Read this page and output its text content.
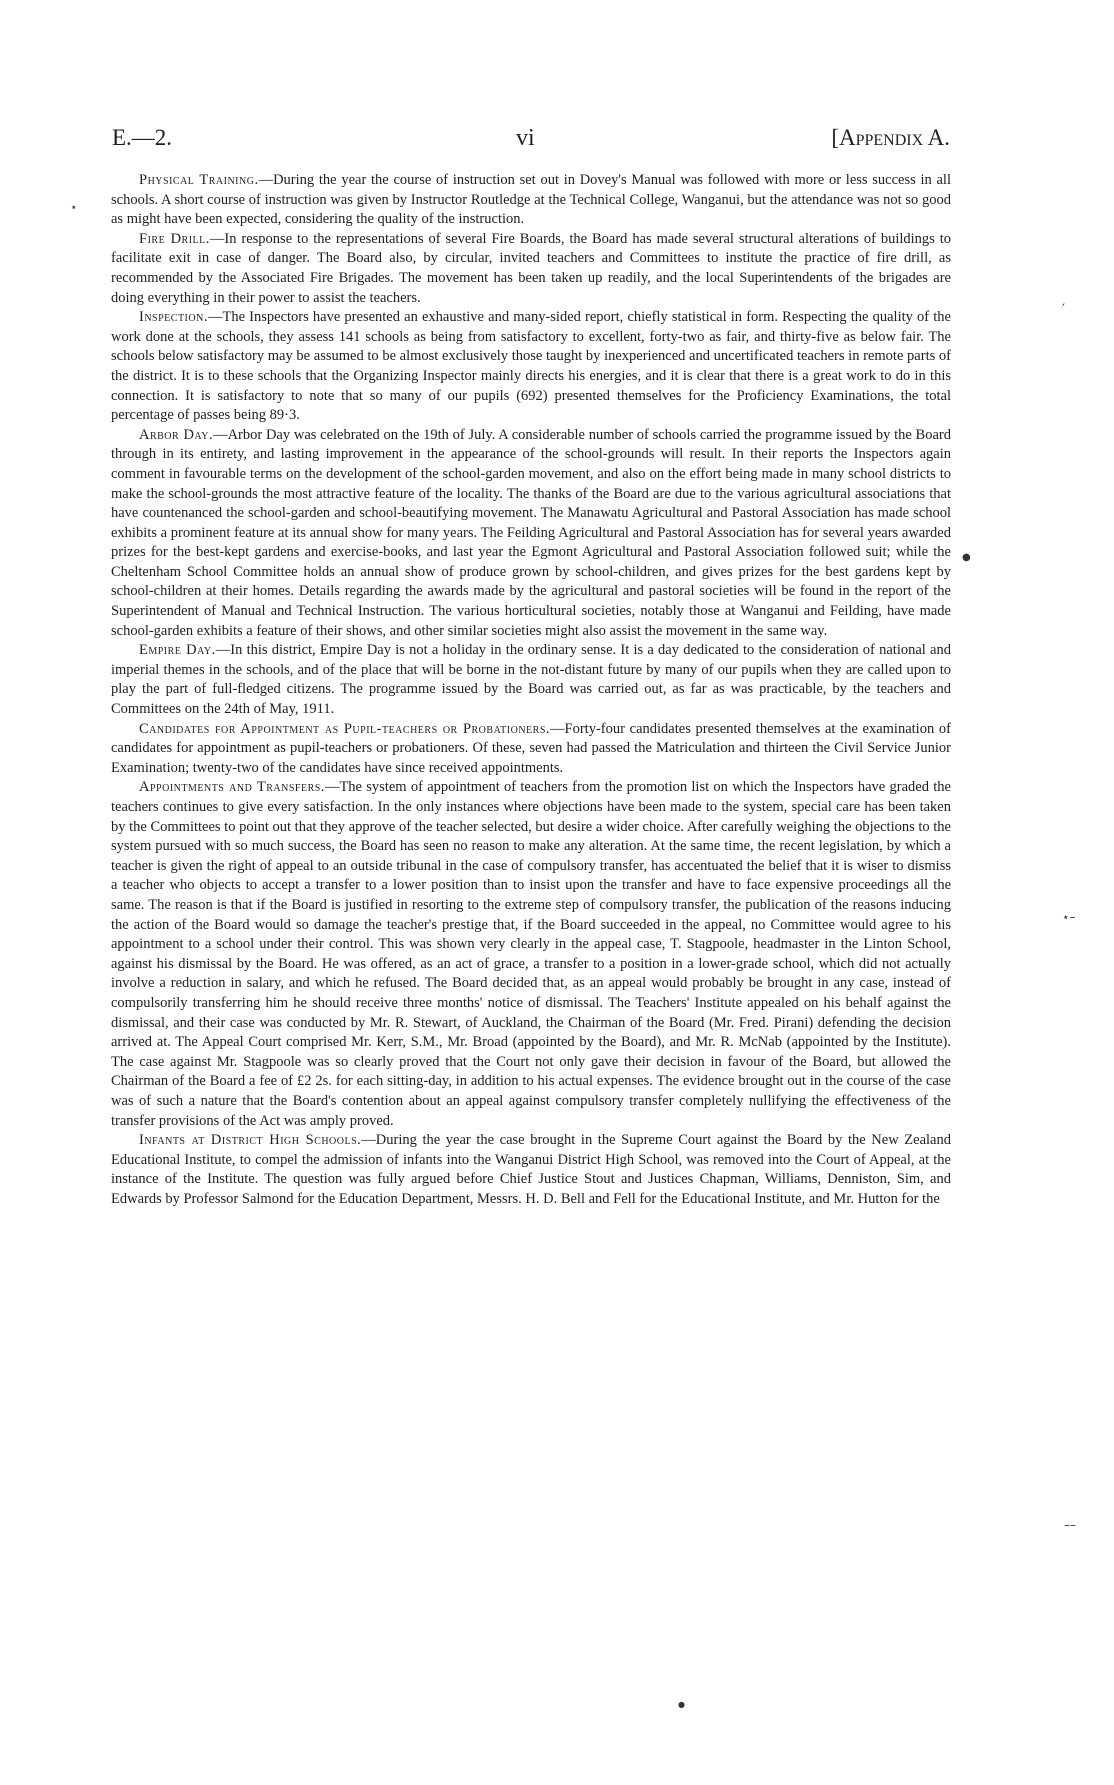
E.—2.	vi	[Appendix A.

Physical Training.—During the year the course of instruction set out in Dovey's Manual was followed with more or less success in all schools. A short course of instruction was given by Instructor Routledge at the Technical College, Wanganui, but the attendance was not so good as might have been expected, considering the quality of the instruction.

Fire Drill.—In response to the representations of several Fire Boards, the Board has made several structural alterations of buildings to facilitate exit in case of danger. The Board also, by circular, invited teachers and Committees to institute the practice of fire drill, as recommended by the Associated Fire Brigades. The movement has been taken up readily, and the local Superintendents of the brigades are doing everything in their power to assist the teachers.

Inspection.—The Inspectors have presented an exhaustive and many-sided report, chiefly statistical in form. Respecting the quality of the work done at the schools, they assess 141 schools as being from satisfactory to excellent, forty-two as fair, and thirty-five as below fair. The schools below satisfactory may be assumed to be almost exclusively those taught by inexperienced and uncertificated teachers in remote parts of the district. It is to these schools that the Organizing Inspector mainly directs his energies, and it is clear that there is a great work to do in this connection. It is satisfactory to note that so many of our pupils (692) presented themselves for the Proficiency Examinations, the total percentage of passes being 89·3.

Arbor Day.—Arbor Day was celebrated on the 19th of July. A considerable number of schools carried the programme issued by the Board through in its entirety, and lasting improvement in the appearance of the school-grounds will result. In their reports the Inspectors again comment in favourable terms on the development of the school-garden movement, and also on the effort being made in many school districts to make the school-grounds the most attractive feature of the locality. The thanks of the Board are due to the various agricultural associations that have countenanced the school-garden and school-beautifying movement. The Manawatu Agricultural and Pastoral Association has made school exhibits a prominent feature at its annual show for many years. The Feilding Agricultural and Pastoral Association has for several years awarded prizes for the best-kept gardens and exercise-books, and last year the Egmont Agricultural and Pastoral Association followed suit; while the Cheltenham School Committee holds an annual show of produce grown by school-children, and gives prizes for the best gardens kept by school-children at their homes. Details regarding the awards made by the agricultural and pastoral societies will be found in the report of the Superintendent of Manual and Technical Instruction. The various horticultural societies, notably those at Wanganui and Feilding, have made school-garden exhibits a feature of their shows, and other similar societies might also assist the movement in the same way.

Empire Day.—In this district, Empire Day is not a holiday in the ordinary sense. It is a day dedicated to the consideration of national and imperial themes in the schools, and of the place that will be borne in the not-distant future by many of our pupils when they are called upon to play the part of full-fledged citizens. The programme issued by the Board was carried out, as far as was practicable, by the teachers and Committees on the 24th of May, 1911.

Candidates for Appointment as Pupil-teachers or Probationers.—Forty-four candidates presented themselves at the examination of candidates for appointment as pupil-teachers or probationers. Of these, seven had passed the Matriculation and thirteen the Civil Service Junior Examination; twenty-two of the candidates have since received appointments.

Appointments and Transfers.—The system of appointment of teachers from the promotion list on which the Inspectors have graded the teachers continues to give every satisfaction. In the only instances where objections have been made to the system, special care has been taken by the Committees to point out that they approve of the teacher selected, but desire a wider choice. After carefully weighing the objections to the system pursued with so much success, the Board has seen no reason to make any alteration. At the same time, the recent legislation, by which a teacher is given the right of appeal to an outside tribunal in the case of compulsory transfer, has accentuated the belief that it is wiser to dismiss a teacher who objects to accept a transfer to a lower position than to insist upon the transfer and have to face expensive proceedings all the same. The reason is that if the Board is justified in resorting to the extreme step of compulsory transfer, the publication of the reasons inducing the action of the Board would so damage the teacher's prestige that, if the Board succeeded in the appeal, no Committee would agree to his appointment to a school under their control. This was shown very clearly in the appeal case, T. Stagpoole, headmaster in the Linton School, against his dismissal by the Board. He was offered, as an act of grace, a transfer to a position in a lower-grade school, which did not actually involve a reduction in salary, and which he refused. The Board decided that, as an appeal would probably be brought in any case, instead of compulsorily transferring him he should receive three months' notice of dismissal. The Teachers' Institute appealed on his behalf against the dismissal, and their case was conducted by Mr. R. Stewart, of Auckland, the Chairman of the Board (Mr. Fred. Pirani) defending the decision arrived at. The Appeal Court comprised Mr. Kerr, S.M., Mr. Broad (appointed by the Board), and Mr. R. McNab (appointed by the Institute). The case against Mr. Stagpoole was so clearly proved that the Court not only gave their decision in favour of the Board, but allowed the Chairman of the Board a fee of £2 2s. for each sitting-day, in addition to his actual expenses. The evidence brought out in the course of the case was of such a nature that the Board's contention about an appeal against compulsory transfer completely nullifying the effectiveness of the transfer provisions of the Act was amply proved.

Infants at District High Schools.—During the year the case brought in the Supreme Court against the Board by the New Zealand Educational Institute, to compel the admission of infants into the Wanganui District High School, was removed into the Court of Appeal, at the instance of the Institute. The question was fully argued before Chief Justice Stout and Justices Chapman, Williams, Denniston, Sim, and Edwards by Professor Salmond for the Education Department, Messrs. H. D. Bell and Fell for the Educational Institute, and Mr. Hutton for the

⋆
′
●
⋆–
––
●
